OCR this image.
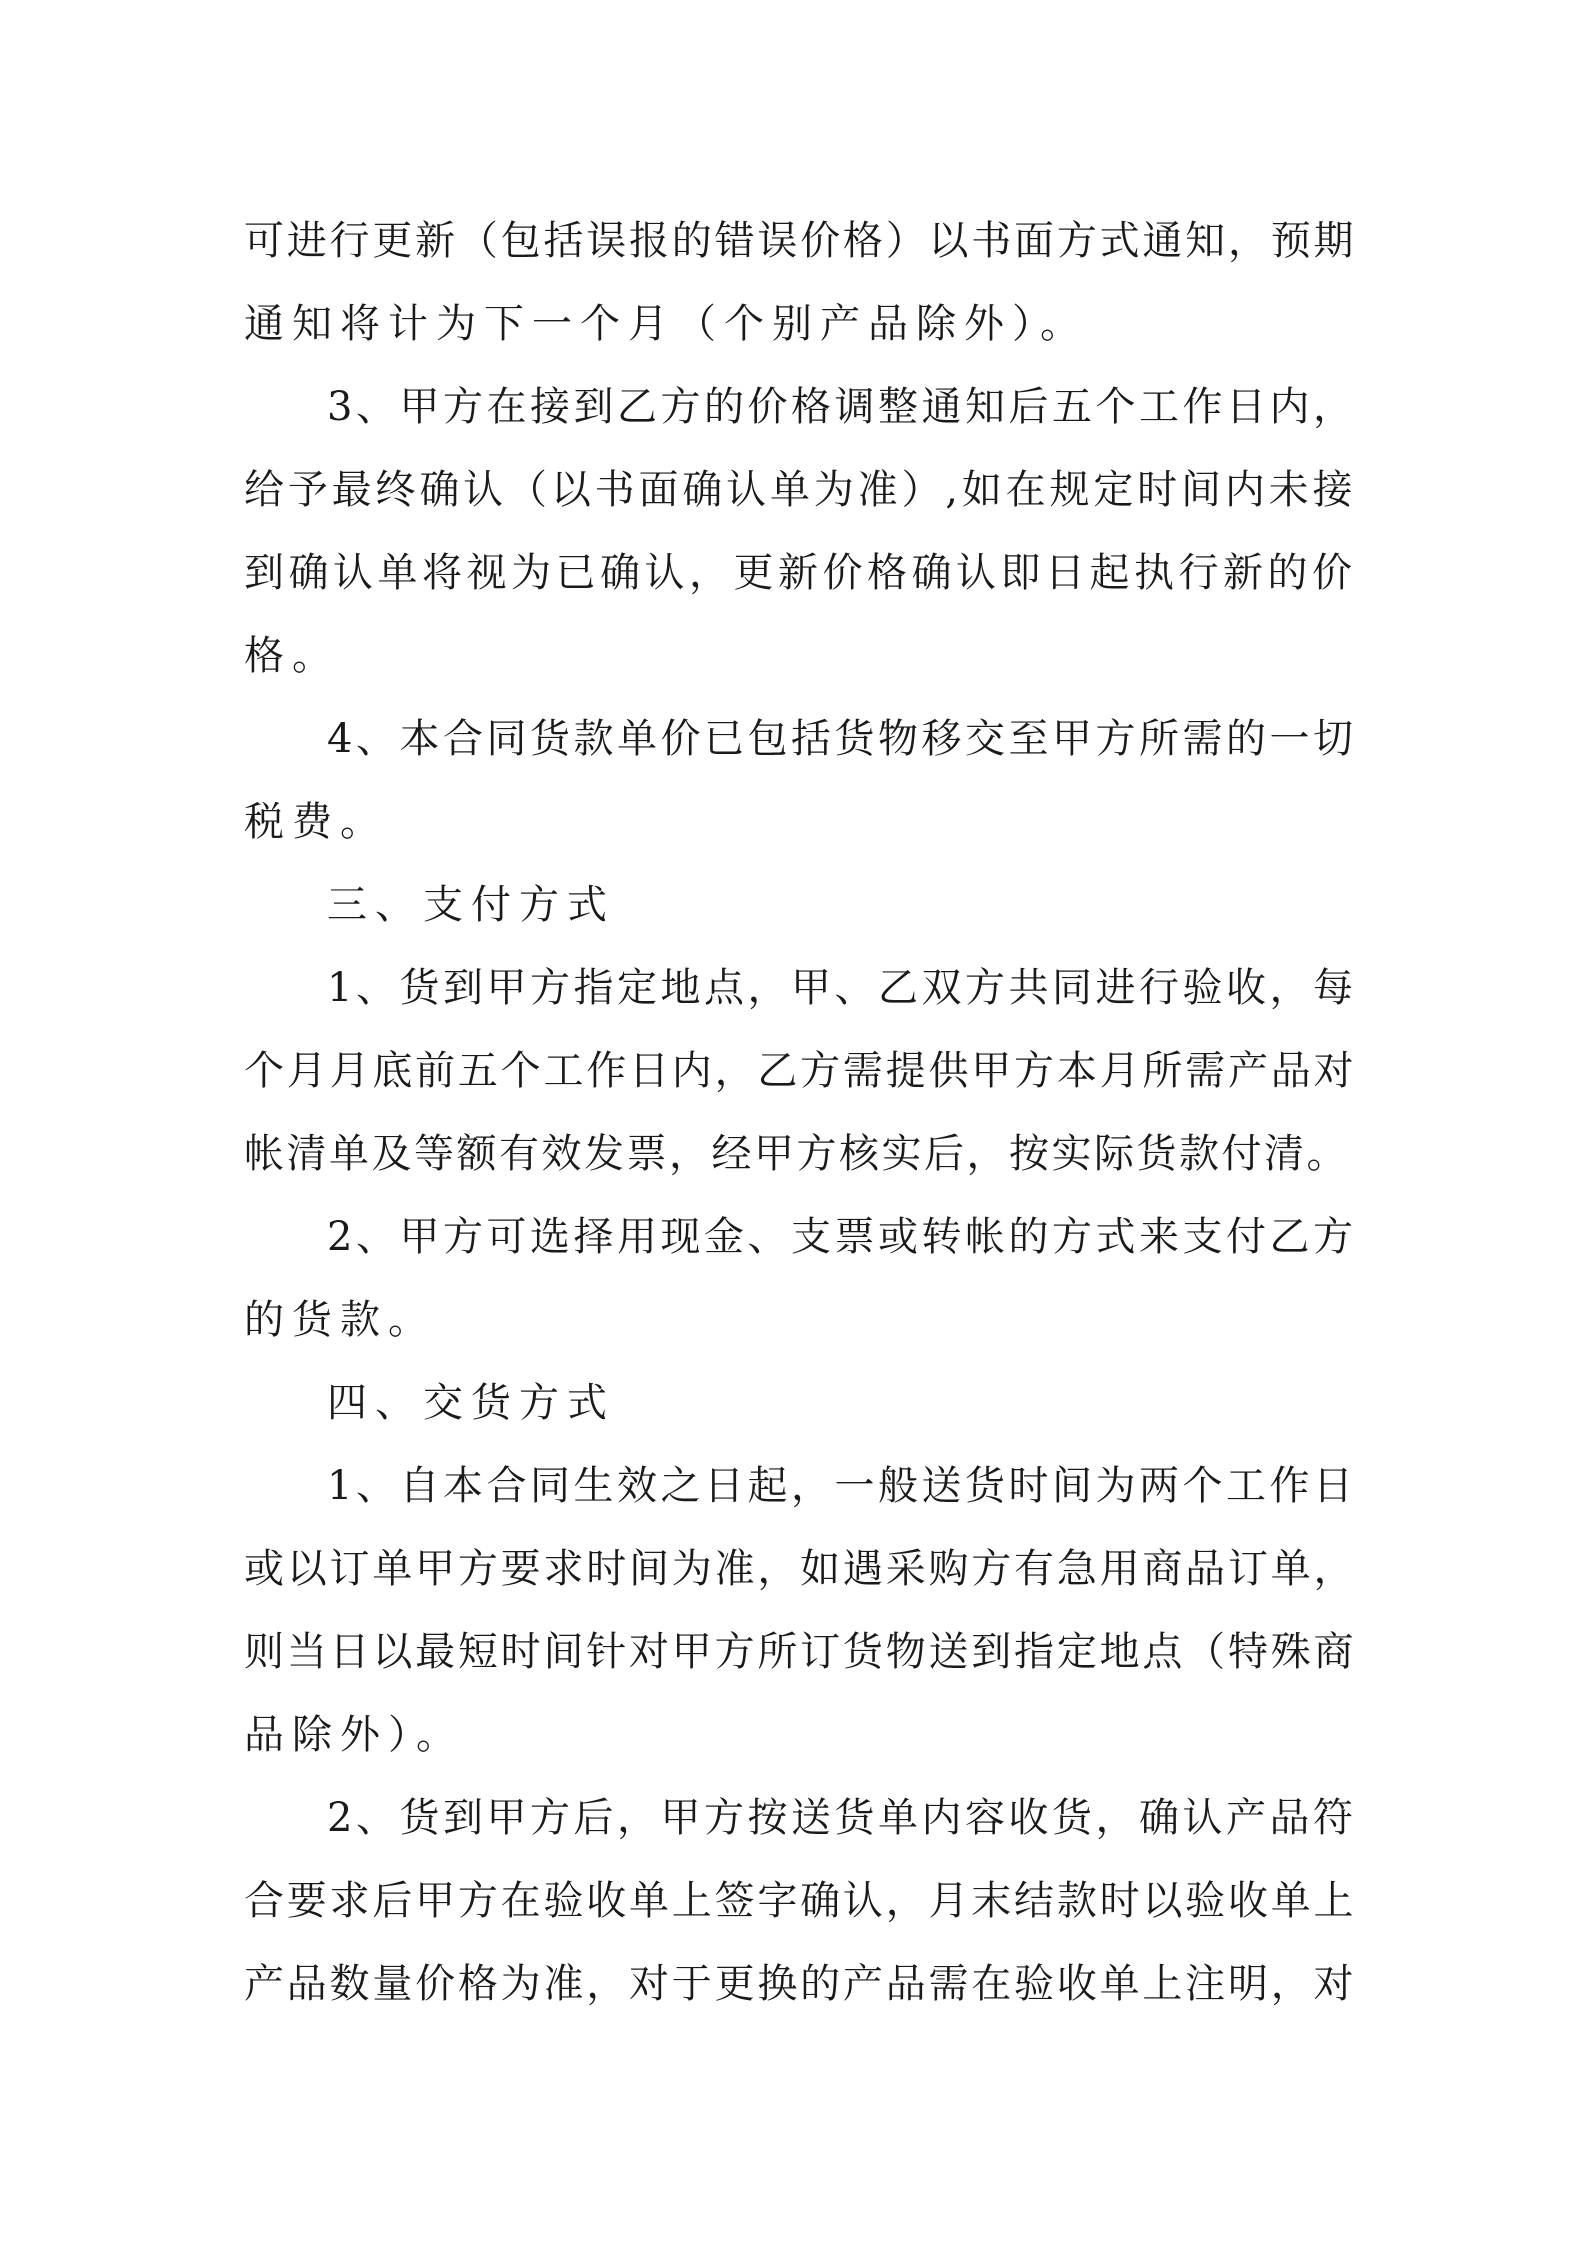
可进行更新（包括误报的错误价格）以书面方式通知，预期
通知将计为下一个月（个别产品除外）。
3、甲方在接到乙方的价格调整通知后五个工作日内，
给予最终确认（以书面确认单为准）,如在规定时间内未接
到确认单将视为已确认，更新价格确认即日起执行新的价
格。
4、本合同货款单价已包括货物移交至甲方所需的一切
税费。
三、支付方式
1、货到甲方指定地点，甲、乙双方共同进行验收，每
个月月底前五个工作日内，乙方需提供甲方本月所需产品对
帐清单及等额有效发票，经甲方核实后，按实际货款付清。
2、甲方可选择用现金、支票或转帐的方式来支付乙方
的货款。
四、交货方式
1、自本合同生效之日起，一般送货时间为两个工作日
或以订单甲方要求时间为准，如遇采购方有急用商品订单，
则当日以最短时间针对甲方所订货物送到指定地点（特殊商
品除外）。
2、货到甲方后，甲方按送货单内容收货，确认产品符
合要求后甲方在验收单上签字确认，月末结款时以验收单上
产品数量价格为准，对于更换的产品需在验收单上注明，对
